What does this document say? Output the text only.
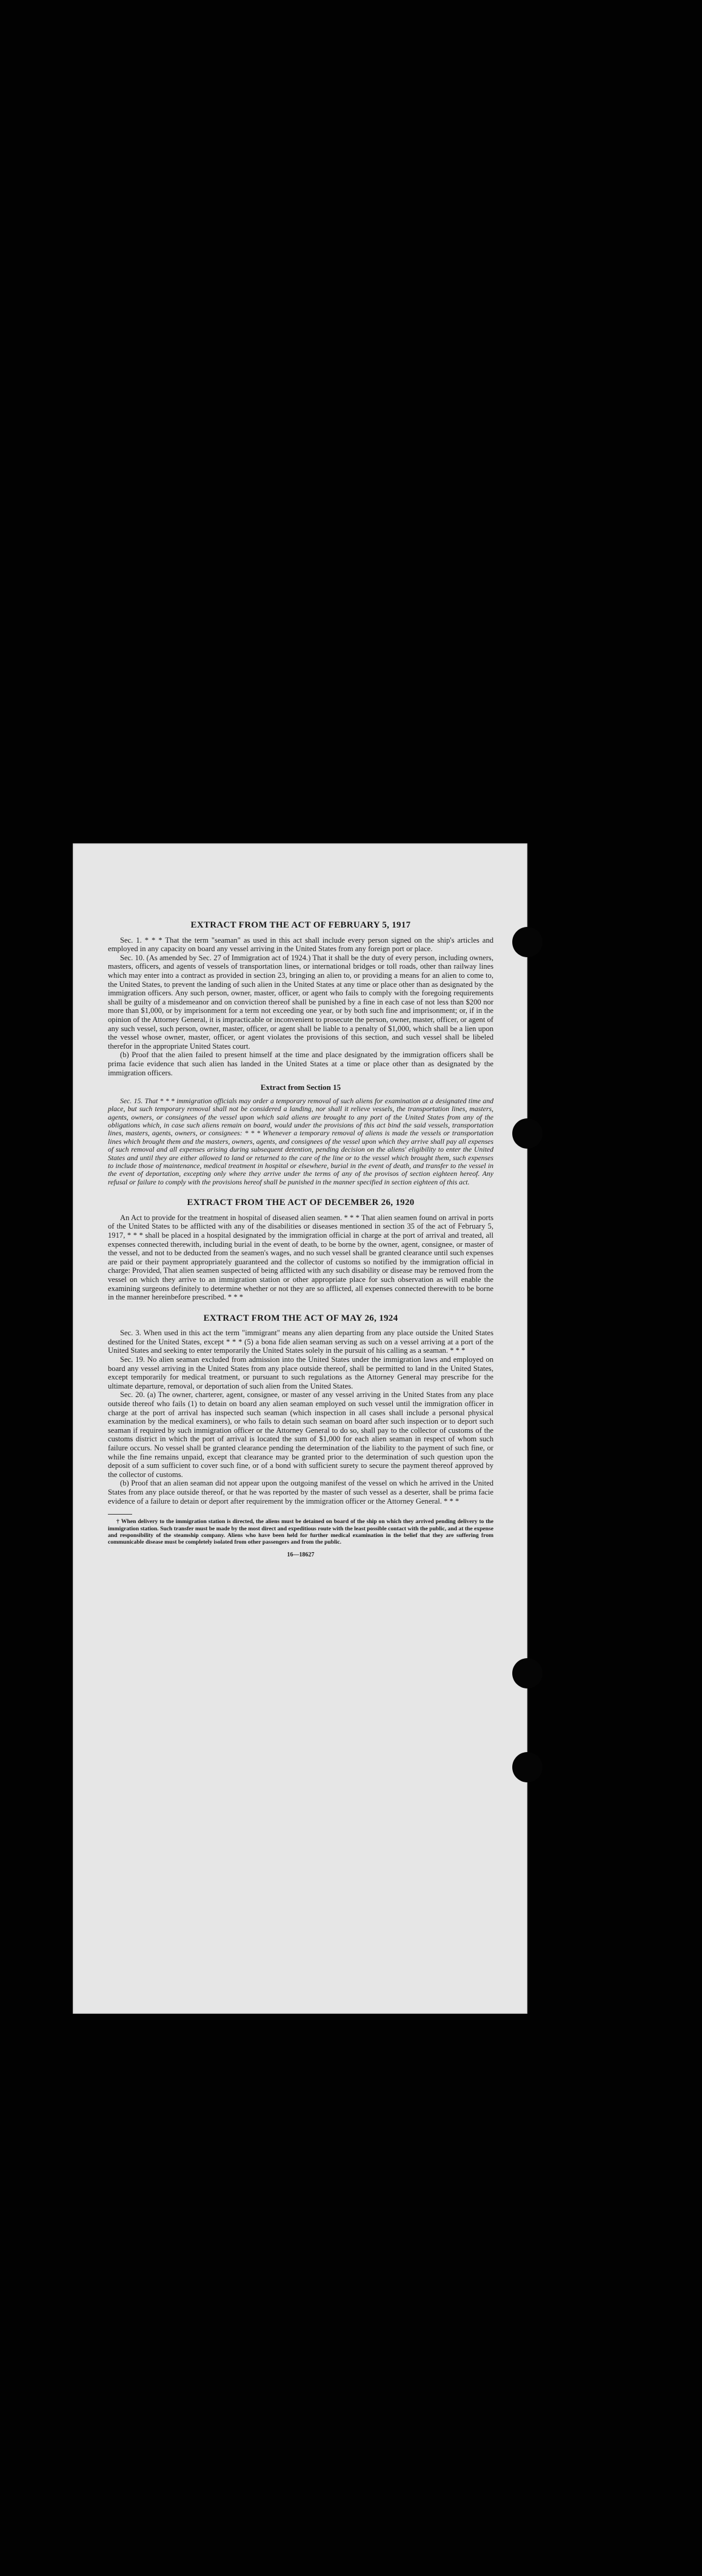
EXTRACT FROM THE ACT OF FEBRUARY 5, 1917

Sec. 1. * * * That the term "seaman" as used in this act shall include every person signed on the ship's articles and employed in any capacity on board any vessel arriving in the United States from any foreign port or place.

Sec. 10. (As amended by Sec. 27 of Immigration act of 1924.) That it shall be the duty of every person, including owners, masters, officers, and agents of vessels of transportation lines, or international bridges or toll roads, other than railway lines which may enter into a contract as provided in section 23, bringing an alien to, or providing a means for an alien to come to, the United States, to prevent the landing of such alien in the United States at any time or place other than as designated by the immigration officers. Any such person, owner, master, officer, or agent who fails to comply with the foregoing requirements shall be guilty of a misdemeanor and on conviction thereof shall be punished by a fine in each case of not less than $200 nor more than $1,000, or by imprisonment for a term not exceeding one year, or by both such fine and imprisonment; or, if in the opinion of the Attorney General, it is impracticable or inconvenient to prosecute the person, owner, master, officer, or agent of any such vessel, such person, owner, master, officer, or agent shall be liable to a penalty of $1,000, which shall be a lien upon the vessel whose owner, master, officer, or agent violates the provisions of this section, and such vessel shall be libeled therefor in the appropriate United States court.

(b) Proof that the alien failed to present himself at the time and place designated by the immigration officers shall be prima facie evidence that such alien has landed in the United States at a time or place other than as designated by the immigration officers.

Extract from Section 15

Sec. 15. That * * * immigration officials may order a temporary removal of such aliens for examination at a designated time and place, but such temporary removal shall not be considered a landing, nor shall it relieve vessels, the transportation lines, masters, agents, owners, or consignees of the vessel upon which said aliens are brought to any port of the United States from any of the obligations which, in case such aliens remain on board, would under the provisions of this act bind the said vessels, transportation lines, masters, agents, owners, or consignees: * * * Whenever a temporary removal of aliens is made the vessels or transportation lines which brought them and the masters, owners, agents, and consignees of the vessel upon which they arrive shall pay all expenses of such removal and all expenses arising during subsequent detention, pending decision on the aliens' eligibility to enter the United States and until they are either allowed to land or returned to the care of the line or to the vessel which brought them, such expenses to include those of maintenance, medical treatment in hospital or elsewhere, burial in the event of death, and transfer to the vessel in the event of deportation, excepting only where they arrive under the terms of any of the provisos of section eighteen hereof. Any refusal or failure to comply with the provisions hereof shall be punished in the manner specified in section eighteen of this act.

EXTRACT FROM THE ACT OF DECEMBER 26, 1920

An Act to provide for the treatment in hospital of diseased alien seamen. * * * That alien seamen found on arrival in ports of the United States to be afflicted with any of the disabilities or diseases mentioned in section 35 of the act of February 5, 1917, * * * shall be placed in a hospital designated by the immigration official in charge at the port of arrival and treated, all expenses connected therewith, including burial in the event of death, to be borne by the owner, agent, consignee, or master of the vessel, and not to be deducted from the seamen's wages, and no such vessel shall be granted clearance until such expenses are paid or their payment appropriately guaranteed and the collector of customs so notified by the immigration official in charge: Provided, That alien seamen suspected of being afflicted with any such disability or disease may be removed from the vessel on which they arrive to an immigration station or other appropriate place for such observation as will enable the examining surgeons definitely to determine whether or not they are so afflicted, all expenses connected therewith to be borne in the manner hereinbefore prescribed. * * *

EXTRACT FROM THE ACT OF MAY 26, 1924

Sec. 3. When used in this act the term "immigrant" means any alien departing from any place outside the United States destined for the United States, except * * * (5) a bona fide alien seaman serving as such on a vessel arriving at a port of the United States and seeking to enter temporarily the United States solely in the pursuit of his calling as a seaman. * * *

Sec. 19. No alien seaman excluded from admission into the United States under the immigration laws and employed on board any vessel arriving in the United States from any place outside thereof, shall be permitted to land in the United States, except temporarily for medical treatment, or pursuant to such regulations as the Attorney General may prescribe for the ultimate departure, removal, or deportation of such alien from the United States.

Sec. 20. (a) The owner, charterer, agent, consignee, or master of any vessel arriving in the United States from any place outside thereof who fails (1) to detain on board any alien seaman employed on such vessel until the immigration officer in charge at the port of arrival has inspected such seaman (which inspection in all cases shall include a personal physical examination by the medical examiners), or who fails to detain such seaman on board after such inspection or to deport such seaman if required by such immigration officer or the Attorney General to do so, shall pay to the collector of customs of the customs district in which the port of arrival is located the sum of $1,000 for each alien seaman in respect of whom such failure occurs. No vessel shall be granted clearance pending the determination of the liability to the payment of such fine, or while the fine remains unpaid, except that clearance may be granted prior to the determination of such question upon the deposit of a sum sufficient to cover such fine, or of a bond with sufficient surety to secure the payment thereof approved by the collector of customs.

(b) Proof that an alien seaman did not appear upon the outgoing manifest of the vessel on which he arrived in the United States from any place outside thereof, or that he was reported by the master of such vessel as a deserter, shall be prima facie evidence of a failure to detain or deport after requirement by the immigration officer or the Attorney General. * * *

† When delivery to the immigration station is directed, the aliens must be detained on board of the ship on which they arrived pending delivery to the immigration station. Such transfer must be made by the most direct and expeditious route with the least possible contact with the public, and at the expense and responsibility of the steamship company. Aliens who have been held for further medical examination in the belief that they are suffering from communicable disease must be completely isolated from other passengers and from the public.

16—18627
